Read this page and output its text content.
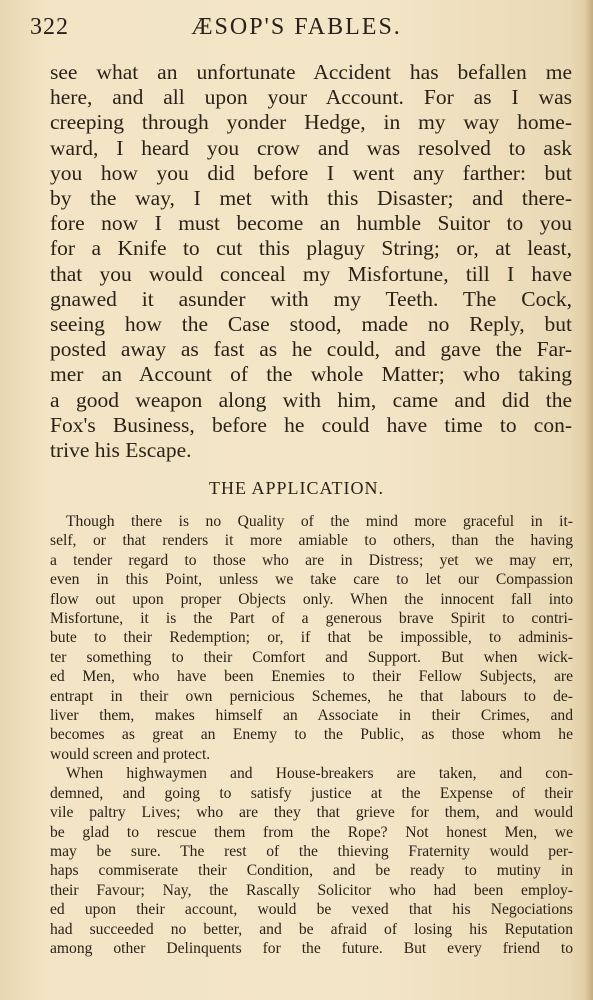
322	ÆSOP'S FABLES.
see what an unfortunate Accident has befallen me
here, and all upon your Account. For as I was
creeping through yonder Hedge, in my way home-
ward, I heard you crow and was resolved to ask
you how you did before I went any farther: but
by the way, I met with this Disaster; and there-
fore now I must become an humble Suitor to you
for a Knife to cut this plaguy String; or, at least,
that you would conceal my Misfortune, till I have
gnawed it asunder with my Teeth. The Cock,
seeing how the Case stood, made no Reply, but
posted away as fast as he could, and gave the Far-
mer an Account of the whole Matter; who taking
a good weapon along with him, came and did the
Fox's Business, before he could have time to con-
trive his Escape.
THE APPLICATION.
Though there is no Quality of the mind more graceful in it-
self, or that renders it more amiable to others, than the having
a tender regard to those who are in Distress; yet we may err,
even in this Point, unless we take care to let our Compassion
flow out upon proper Objects only. When the innocent fall into
Misfortune, it is the Part of a generous brave Spirit to contri-
bute to their Redemption; or, if that be impossible, to adminis-
ter something to their Comfort and Support. But when wick-
ed Men, who have been Enemies to their Fellow Subjects, are
entrapt in their own pernicious Schemes, he that labours to de-
liver them, makes himself an Associate in their Crimes, and
becomes as great an Enemy to the Public, as those whom he
would screen and protect.
When highwaymen and House-breakers are taken, and con-
demned, and going to satisfy justice at the Expense of their
vile paltry Lives; who are they that grieve for them, and would
be glad to rescue them from the Rope? Not honest Men, we
may be sure. The rest of the thieving Fraternity would per-
haps commiserate their Condition, and be ready to mutiny in
their Favour; Nay, the Rascally Solicitor who had been employ-
ed upon their account, would be vexed that his Negociations
had succeeded no better, and be afraid of losing his Reputation
among other Delinquents for the future. But every friend to
